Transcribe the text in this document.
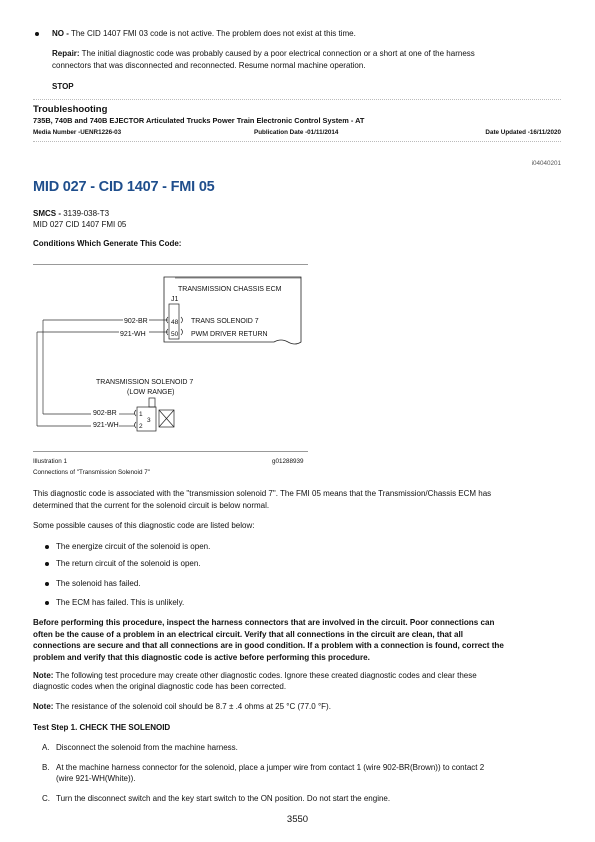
NO - The CID 1407 FMI 03 code is not active. The problem does not exist at this time.
Repair: The initial diagnostic code was probably caused by a poor electrical connection or a short at one of the harness
connectors that was disconnected and reconnected. Resume normal machine operation.
STOP
Troubleshooting
735B, 740B and 740B EJECTOR Articulated Trucks Power Train Electronic Control System - AT
Media Number -UENR1226-03	Publication Date -01/11/2014	Date Updated -16/11/2020
i04040201
MID 027 - CID 1407 - FMI 05
SMCS - 3139-038-T3
MID 027 CID 1407 FMI 05
Conditions Which Generate This Code:
TRANSMISSION CHASSIS ECM
J1
48
50
TRANS SOLENOID 7
PWM DRIVER RETURN
902-BR
921-WH
TRANSMISSION SOLENOID 7
(LOW RANGE)
902-BR
921-WH
1
2
3
Illustration 1	g01288939
Connections of "Transmission Solenoid 7"
This diagnostic code is associated with the "transmission solenoid 7". The FMI 05 means that the Transmission/Chassis ECM has
determined that the current for the solenoid circuit is below normal.
Some possible causes of this diagnostic code are listed below:
The energize circuit of the solenoid is open.
The return circuit of the solenoid is open.
The solenoid has failed.
The ECM has failed. This is unlikely.
Before performing this procedure, inspect the harness connectors that are involved in the circuit. Poor connections can
often be the cause of a problem in an electrical circuit. Verify that all connections in the circuit are clean, that all
connections are secure and that all connections are in good condition. If a problem with a connection is found, correct the
problem and verify that this diagnostic code is active before performing this procedure.
Note: The following test procedure may create other diagnostic codes. Ignore these created diagnostic codes and clear these
diagnostic codes when the original diagnostic code has been corrected.
Note: The resistance of the solenoid coil should be 8.7 ± .4 ohms at 25 °C (77.0 °F).
Test Step 1. CHECK THE SOLENOID
A. Disconnect the solenoid from the machine harness.
B. At the machine harness connector for the solenoid, place a jumper wire from contact 1 (wire 902-BR(Brown)) to contact 2
(wire 921-WH(White)).
C. Turn the disconnect switch and the key start switch to the ON position. Do not start the engine.
3550
